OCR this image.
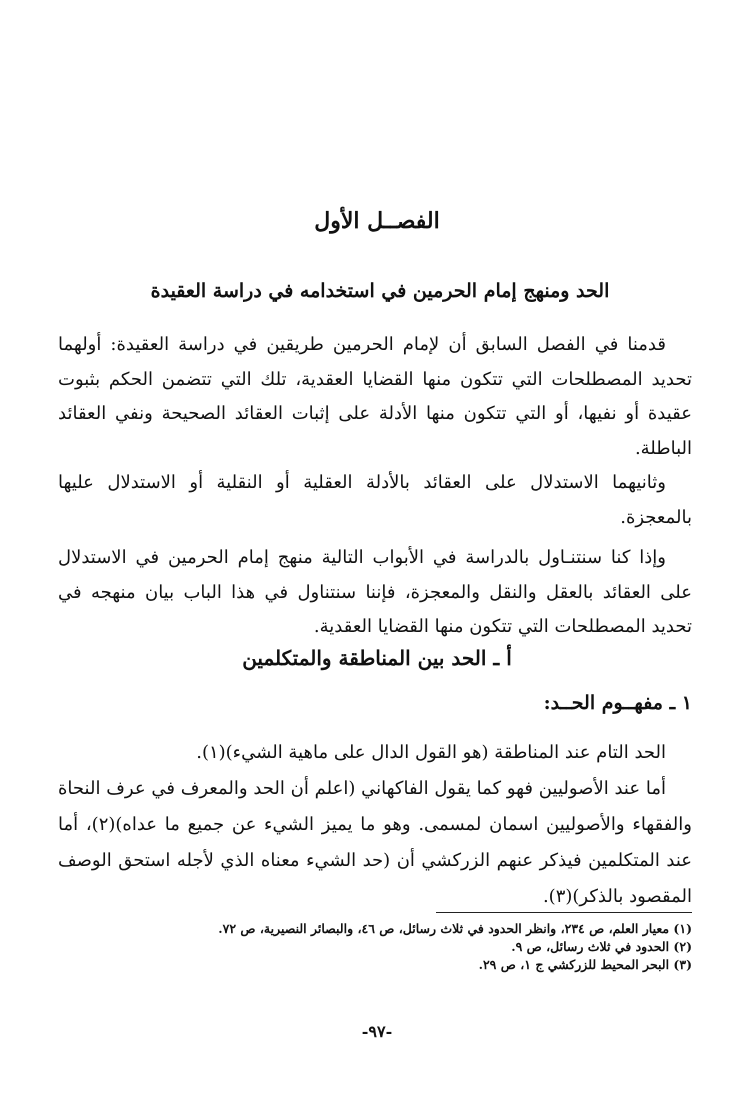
الفصــل الأول
الحد ومنهج إمام الحرمين في استخدامه في دراسة العقيدة

قدمنا في الفصل السابق أن لإمام الحرمين طريقين في دراسة العقيدة: أولهما تحديد المصطلحات التي تتكون منها القضايا العقدية، تلك التي تتضمن الحكم بثبوت عقيدة أو نفيها، أو التي تتكون منها الأدلة على إثبات العقائد الصحيحة ونفي العقائد الباطلة.

وثانيهما الاستدلال على العقائد بالأدلة العقلية أو النقلية أو الاستدلال عليها بالمعجزة.

وإذا كنا سنتنـاول بالدراسة في الأبواب التالية منهج إمام الحرمين في الاستدلال على العقائد بالعقل والنقل والمعجزة، فإننا سنتناول في هذا الباب بيان منهجه في تحديد المصطلحات التي تتكون منها القضايا العقدية.

أ ـ الحد بين المناطقة والمتكلمين
١ ـ مفهــوم الحــد:

الحد التام عند المناطقة (هو القول الدال على ماهية الشيء)(١).

أما عند الأصوليين فهو كما يقول الفاكهاني (اعلم أن الحد والمعرف في عرف النحاة والفقهاء والأصوليين اسمان لمسمى. وهو ما يميز الشيء عن جميع ما عداه)(٢)، أما عند المتكلمين فيذكر عنهم الزركشي أن (حد الشيء معناه الذي لأجله استحق الوصف المقصود بالذكر)(٣).

(١) معيار العلم، ص ٢٣٤، وانظر الحدود في ثلاث رسائل، ص ٤٦، والبصائر النصيرية، ص ٧٢.
(٢) الحدود في ثلاث رسائل، ص ٩.
(٣) البحر المحيط للزركشي ج ١، ص ٢٩.
-٩٧-
